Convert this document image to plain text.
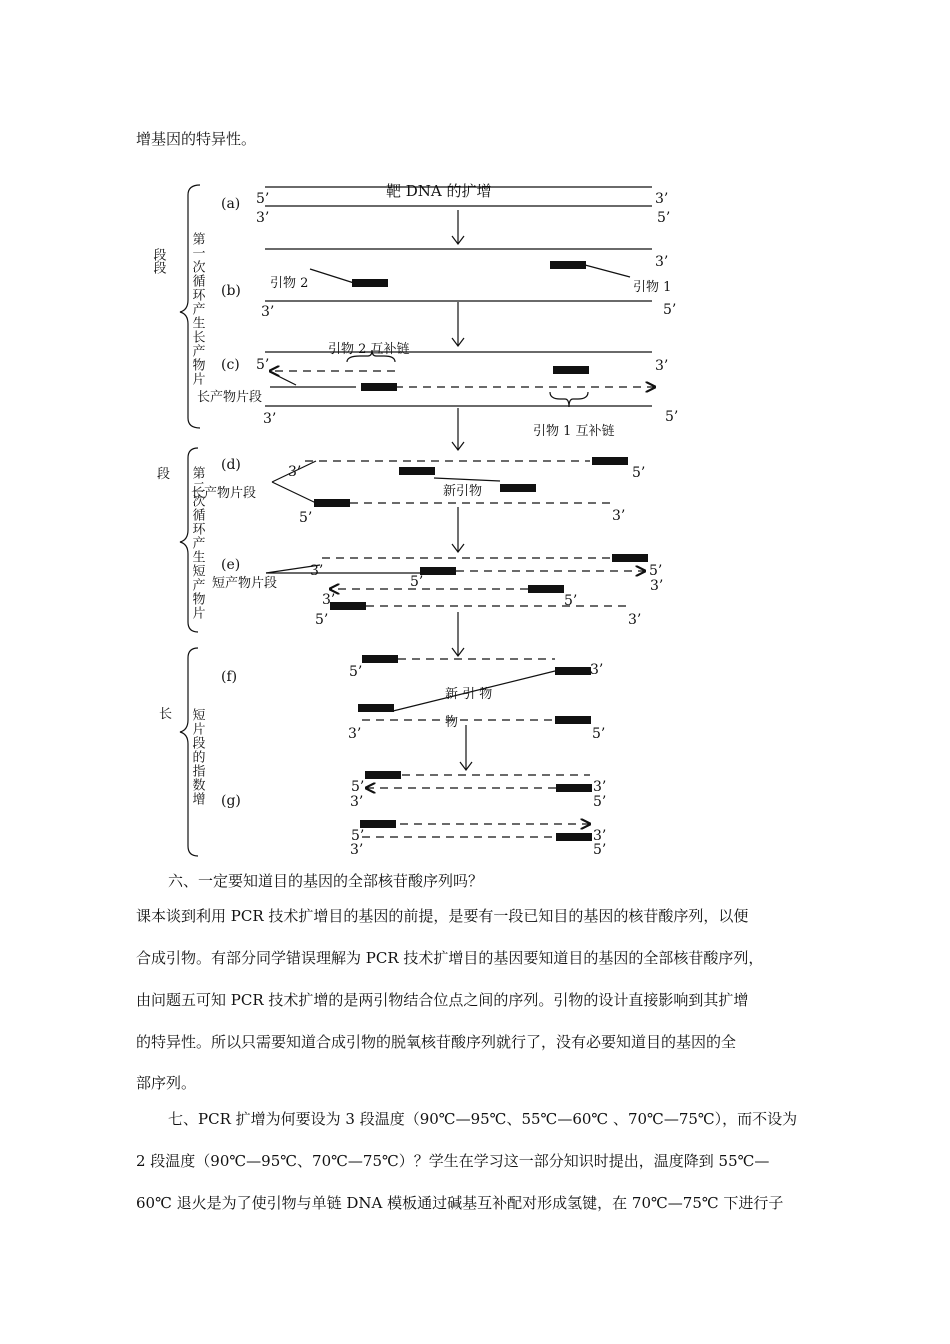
增基因的特异性。
靶 DNA 的扩增
(a)
(b)
(c)
(d)
(e)
(f)
(g)
5’	3’
3’	5’
3’
3’	5’
5’	3’
3’	5’
3’	5’
5’	3’
3’	5’
5’	3’
3’	5’
5’	3’
5’	3’
3’	5’
5’	3’
3’	5’
5’	3’
3’	5’
引物 2	引物 1
引物 2 互补链
长产物片段
引物 1 互补链
长产物片段	新引物
短产物片段
新 引 物
物
段段 第一次循环产生长产物片
段 第二次循环产生短产物片
长 短片段的指数增
六、一定要知道目的基因的全部核苷酸序列吗？
课本谈到利用 PCR 技术扩增目的基因的前提，是要有一段已知目的基因的核苷酸序列，以便
合成引物。有部分同学错误理解为 PCR 技术扩增目的基因要知道目的基因的全部核苷酸序列，
由问题五可知 PCR 技术扩增的是两引物结合位点之间的序列。引物的设计直接影响到其扩增
的特异性。所以只需要知道合成引物的脱氧核苷酸序列就行了，没有必要知道目的基因的全
部序列。
七、PCR 扩增为何要设为 3 段温度（90℃—95℃、55℃—60℃ 、70℃—75℃），而不设为
2 段温度（90℃—95℃、70℃—75℃）？学生在学习这一部分知识时提出，温度降到 55℃—
60℃ 退火是为了使引物与单链 DNA 模板通过碱基互补配对形成氢键，在 70℃—75℃ 下进行子
